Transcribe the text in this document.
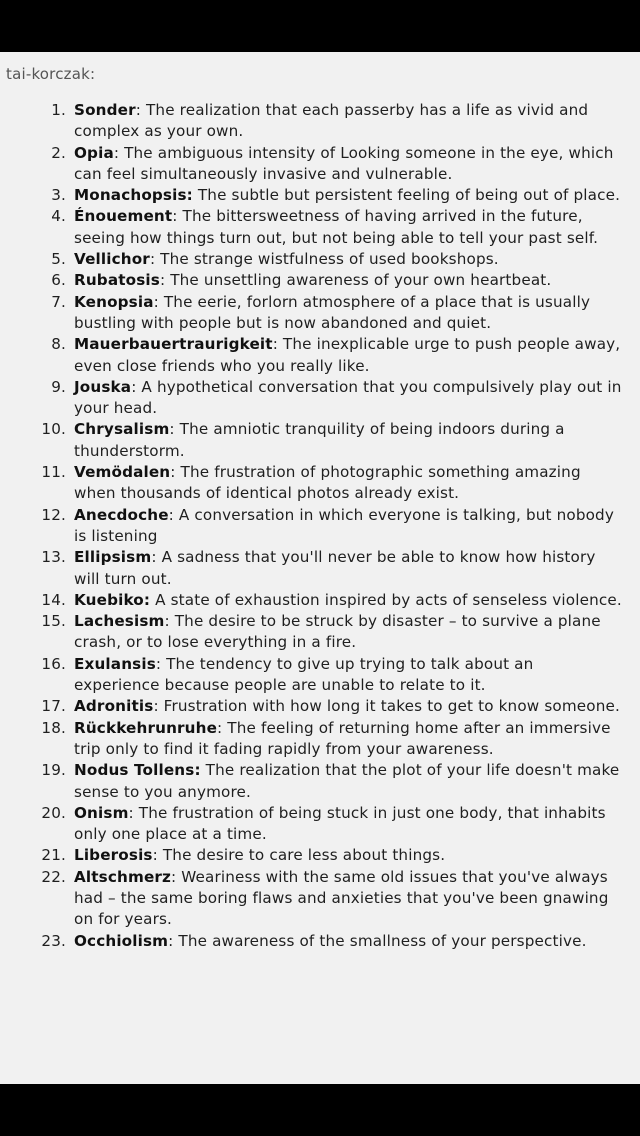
tai-korczak:
1. Sonder: The realization that each passerby has a life as vivid and complex as your own.
2. Opia: The ambiguous intensity of Looking someone in the eye, which can feel simultaneously invasive and vulnerable.
3. Monachopsis: The subtle but persistent feeling of being out of place.
4. Énouement: The bittersweetness of having arrived in the future, seeing how things turn out, but not being able to tell your past self.
5. Vellichor: The strange wistfulness of used bookshops.
6. Rubatosis: The unsettling awareness of your own heartbeat.
7. Kenopsia: The eerie, forlorn atmosphere of a place that is usually bustling with people but is now abandoned and quiet.
8. Mauerbauertraurigkeit: The inexplicable urge to push people away, even close friends who you really like.
9. Jouska: A hypothetical conversation that you compulsively play out in your head.
10. Chrysalism: The amniotic tranquility of being indoors during a thunderstorm.
11. Vemödalen: The frustration of photographic something amazing when thousands of identical photos already exist.
12. Anecdoche: A conversation in which everyone is talking, but nobody is listening
13. Ellipsism: A sadness that you'll never be able to know how history will turn out.
14. Kuebiko: A state of exhaustion inspired by acts of senseless violence.
15. Lachesism: The desire to be struck by disaster – to survive a plane crash, or to lose everything in a fire.
16. Exulansis: The tendency to give up trying to talk about an experience because people are unable to relate to it.
17. Adronitis: Frustration with how long it takes to get to know someone.
18. Rückkehrunruhe: The feeling of returning home after an immersive trip only to find it fading rapidly from your awareness.
19. Nodus Tollens: The realization that the plot of your life doesn't make sense to you anymore.
20. Onism: The frustration of being stuck in just one body, that inhabits only one place at a time.
21. Liberosis: The desire to care less about things.
22. Altschmerz: Weariness with the same old issues that you've always had – the same boring flaws and anxieties that you've been gnawing on for years.
23. Occhiolism: The awareness of the smallness of your perspective.
